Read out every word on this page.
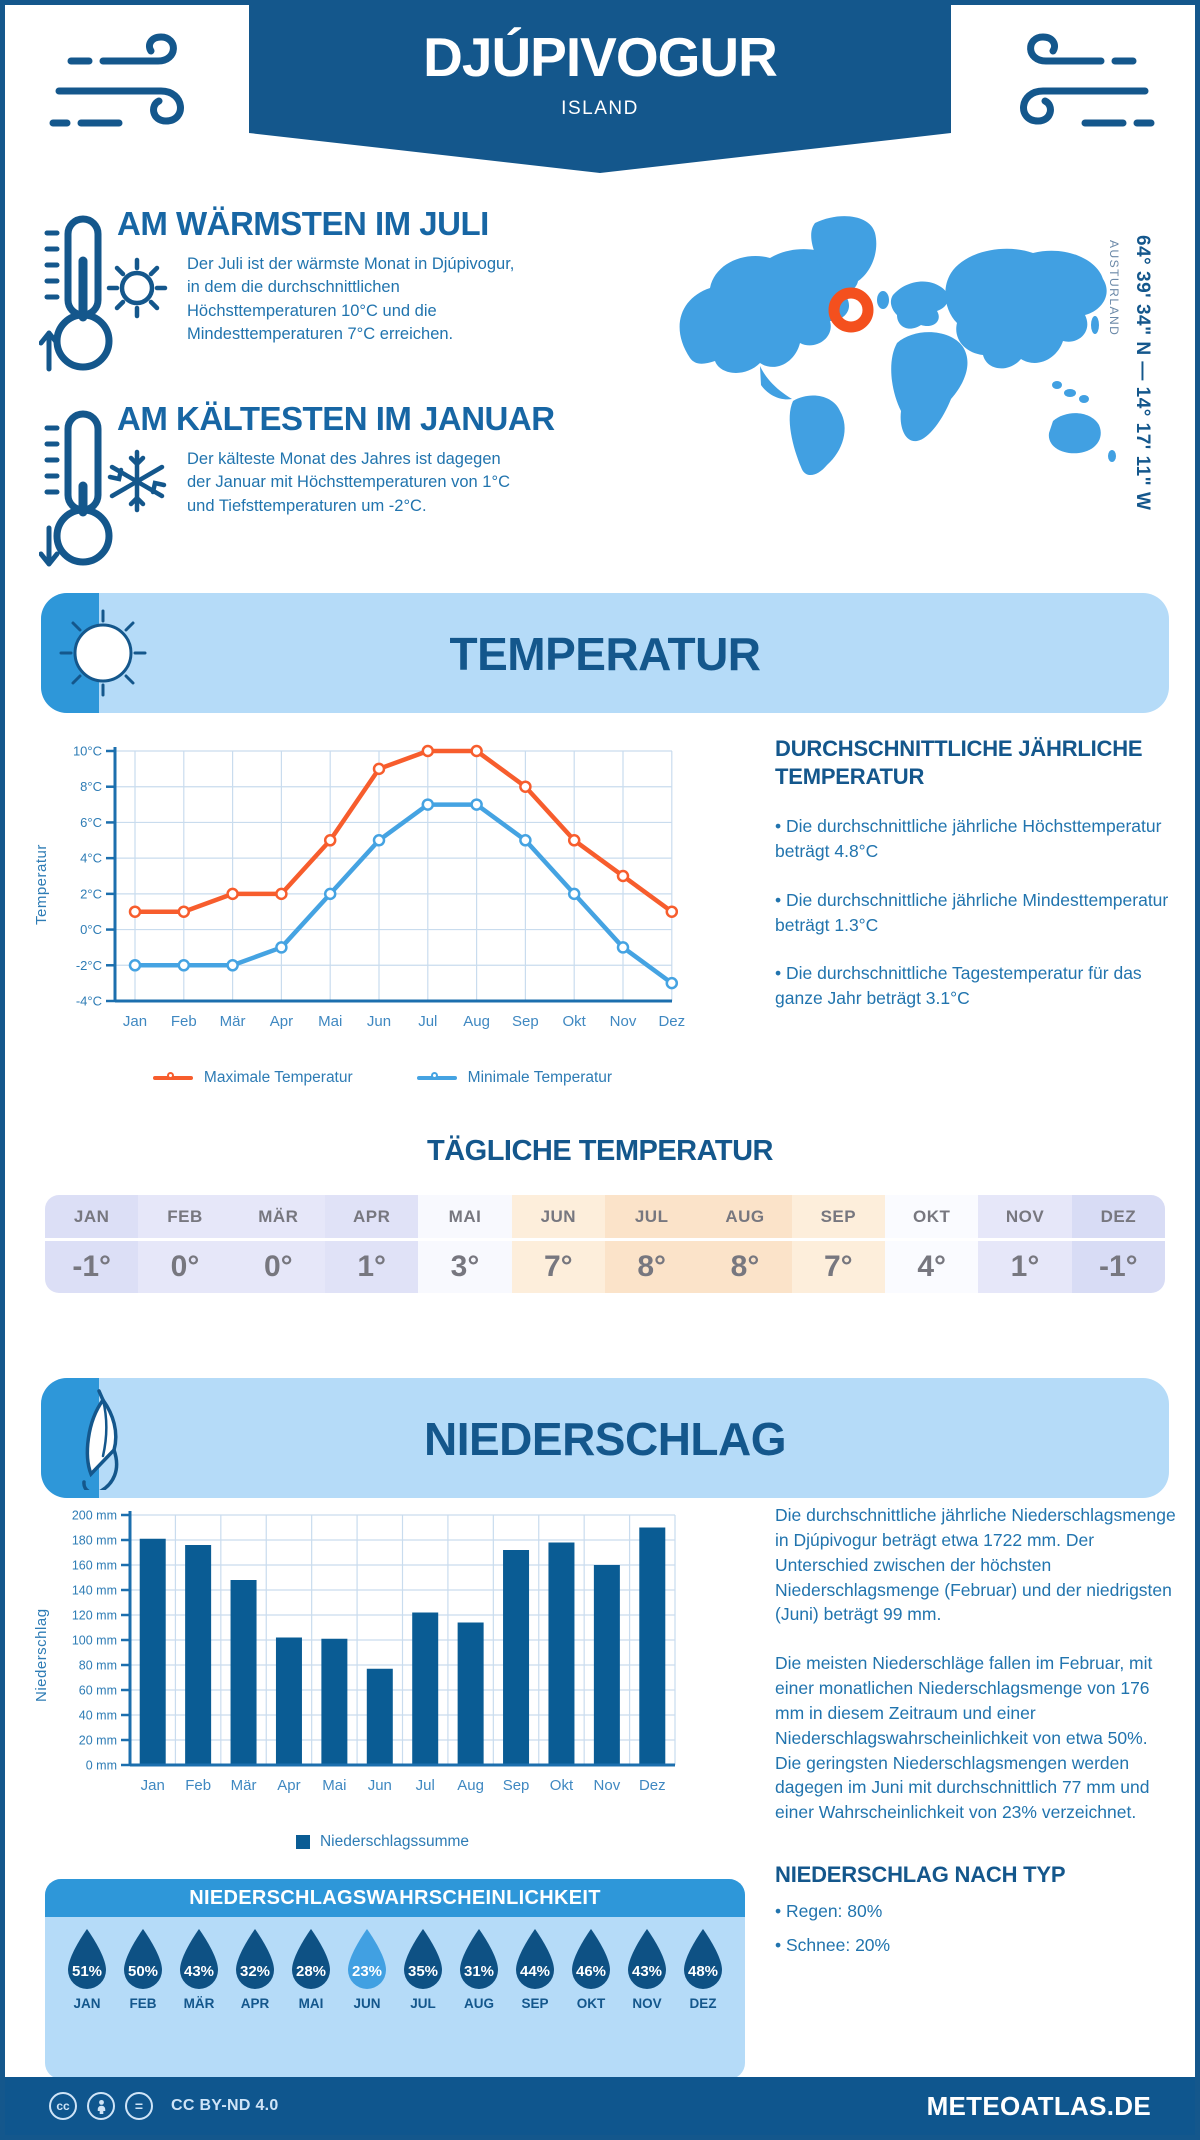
DJÚPIVOGUR
ISLAND
AM WÄRMSTEN IM JULI

Der Juli ist der wärmste Monat in Djúpivogur, in dem die durchschnittlichen Höchsttemperaturen 10°C und die Mindesttemperaturen 7°C erreichen.

AM KÄLTESTEN IM JANUAR

Der kälteste Monat des Jahres ist dagegen der Januar mit Höchsttemperaturen von 1°C und Tiefsttemperaturen um -2°C.	64° 39' 34" N — 14° 17' 11" W
AUSTURLAND
TEMPERATUR
Temperatur
-4°C
-2°C
0°C
2°C
4°C
6°C
8°C
10°C
Jan Feb Mär Apr Mai Jun Jul Aug Sep Okt Nov Dez
Maximale Temperatur	Minimale Temperatur
DURCHSCHNITTLICHE JÄHRLICHE TEMPERATUR

• Die durchschnittliche jährliche Höchsttemperatur beträgt 4.8°C

• Die durchschnittliche jährliche Mindesttemperatur beträgt 1.3°C

• Die durchschnittliche Tagestemperatur für das ganze Jahr beträgt 3.1°C

TÄGLICHE TEMPERATUR
JAN
-1°
FEB
0°
MÄR
0°
APR
1°
MAI
3°
JUN
7°
JUL
8°
AUG
8°
SEP
7°
OKT
4°
NOV
1°
DEZ
-1°
NIEDERSCHLAG
Niederschlag
0 mm
20 mm
40 mm
60 mm
80 mm
100 mm
120 mm
140 mm
160 mm
180 mm
200 mm
Jan Feb Mär Apr Mai Jun Jul Aug Sep Okt Nov Dez
Niederschlagssumme

Die durchschnittliche jährliche Niederschlagsmenge in Djúpivogur beträgt etwa 1722 mm. Der Unterschied zwischen der höchsten Niederschlagsmenge (Februar) und der niedrigsten (Juni) beträgt 99 mm.

Die meisten Niederschläge fallen im Februar, mit einer monatlichen Niederschlagsmenge von 176 mm in diesem Zeitraum und einer Niederschlagswahrscheinlichkeit von etwa 50%. Die geringsten Niederschlagsmengen werden dagegen im Juni mit durchschnittlich 77 mm und einer Wahrscheinlichkeit von 23% verzeichnet.

NIEDERSCHLAG NACH TYP

• Regen: 80%

• Schnee: 20%

NIEDERSCHLAGSWAHRSCHEINLICHKEIT
51%
JAN
50%
FEB
43%
MÄR
32%
APR
28%
MAI
23%
JUN
35%
JUL
31%
AUG
44%
SEP
46%
OKT
43%
NOV
48%
DEZ
cc	=	CC BY-ND 4.0	METEOATLAS.DE
